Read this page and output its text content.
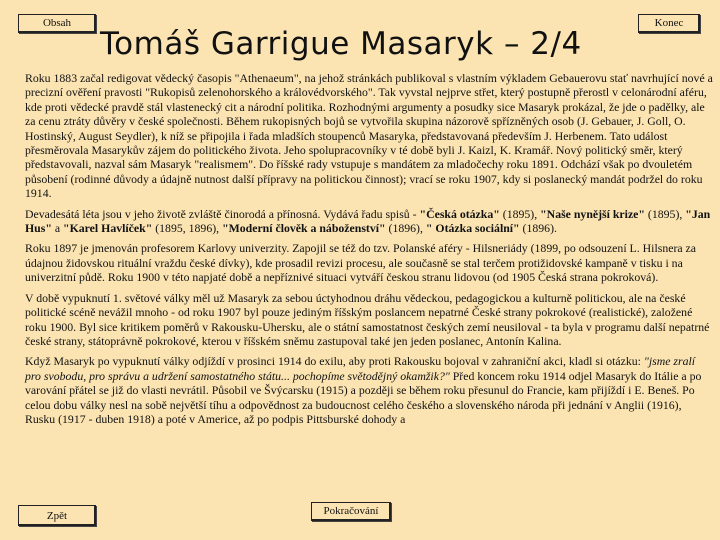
Obsah	Konec
Tomáš Garrigue Masaryk – 2/4

Roku 1883 začal redigovat vědecký časopis "Athenaeum", na jehož stránkách publikoval s vlastním výkladem Gebauerovu stať navrhující nové a precizní ověření pravosti "Rukopisů zelenohorského a královédvorského". Tak vyvstal nejprve střet, který postupně přerostl v celonárodní aféru, kde proti vědecké pravdě stál vlastenecký cit a národní politika. Rozhodnými argumenty a posudky sice Masaryk prokázal, že jde o padělky, ale za cenu ztráty důvěry v české společnosti. Během rukopisných bojů se vytvořila skupina názorově spřízněných osob (J. Gebauer, J. Goll, O. Hostinský, August Seydler), k níž se připojila i řada mladších stoupenců Masaryka, představovaná především J. Herbenem. Tato událost přesměrovala Masarykův zájem do politického života. Jeho spolupracovníky v té době byli J. Kaizl, K. Kramář. Nový politický směr, který představovali, nazval sám Masaryk "realismem". Do říšské rady vstupuje s mandátem za mladočechy roku 1891. Odchází však po dvouletém působení (rodinné důvody a údajně nutnost další přípravy na politickou činnost); vrací se roku 1907, kdy si poslanecký mandát podržel do roku 1914.

Devadesátá léta jsou v jeho životě zvláště činorodá a přínosná. Vydává řadu spisů - "Česká otázka" (1895), "Naše nynější krize" (1895), "Jan Hus" a "Karel Havlíček" (1895, 1896), "Moderní člověk a náboženství" (1896), " Otázka sociální" (1896).

Roku 1897 je jmenován profesorem Karlovy univerzity. Zapojil se též do tzv. Polanské aféry - Hilsneriády (1899, po odsouzení L. Hilsnera za údajnou židovskou rituální vraždu české dívky), kde prosadil revizi procesu, ale současně se stal terčem protižidovské kampaně v tisku i na univerzitní půdě. Roku 1900 v této napjaté době a nepříznivé situaci vytváří českou stranu lidovou (od 1905 Česká strana pokroková).

V době vypuknutí 1. světové války měl už Masaryk za sebou úctyhodnou dráhu vědeckou, pedagogickou a kulturně politickou, ale na české politické scéně nevážil mnoho - od roku 1907 byl pouze jediným říšským poslancem nepatrné České strany pokrokové (realistické), založené roku 1900. Byl sice kritikem poměrů v Rakousku-Uhersku, ale o státní samostatnost českých zemí neusiloval - ta byla v programu další nepatrné české strany, státoprávně pokrokové, kterou v říšském sněmu zastupoval také jen jeden poslanec, Antonín Kalina.

Když Masaryk po vypuknutí války odjíždí v prosinci 1914 do exilu, aby proti Rakousku bojoval v zahraniční akci, kladl si otázku: "jsme zralí pro svobodu, pro správu a udržení samostatného státu... pochopíme světodějný okamžik?" Před koncem roku 1914 odjel Masaryk do Itálie a po varování přátel se již do vlasti nevrátil. Působil ve Švýcarsku (1915) a později se během roku přesunul do Francie, kam přijíždí i E. Beneš. Po celou dobu války nesl na sobě největší tíhu a odpovědnost za budoucnost celého českého a slovenského národa při jednání v Anglii (1916), Rusku (1917 - duben 1918) a poté v Americe, až po podpis Pittsburské dohody a

Zpět	Pokračování
